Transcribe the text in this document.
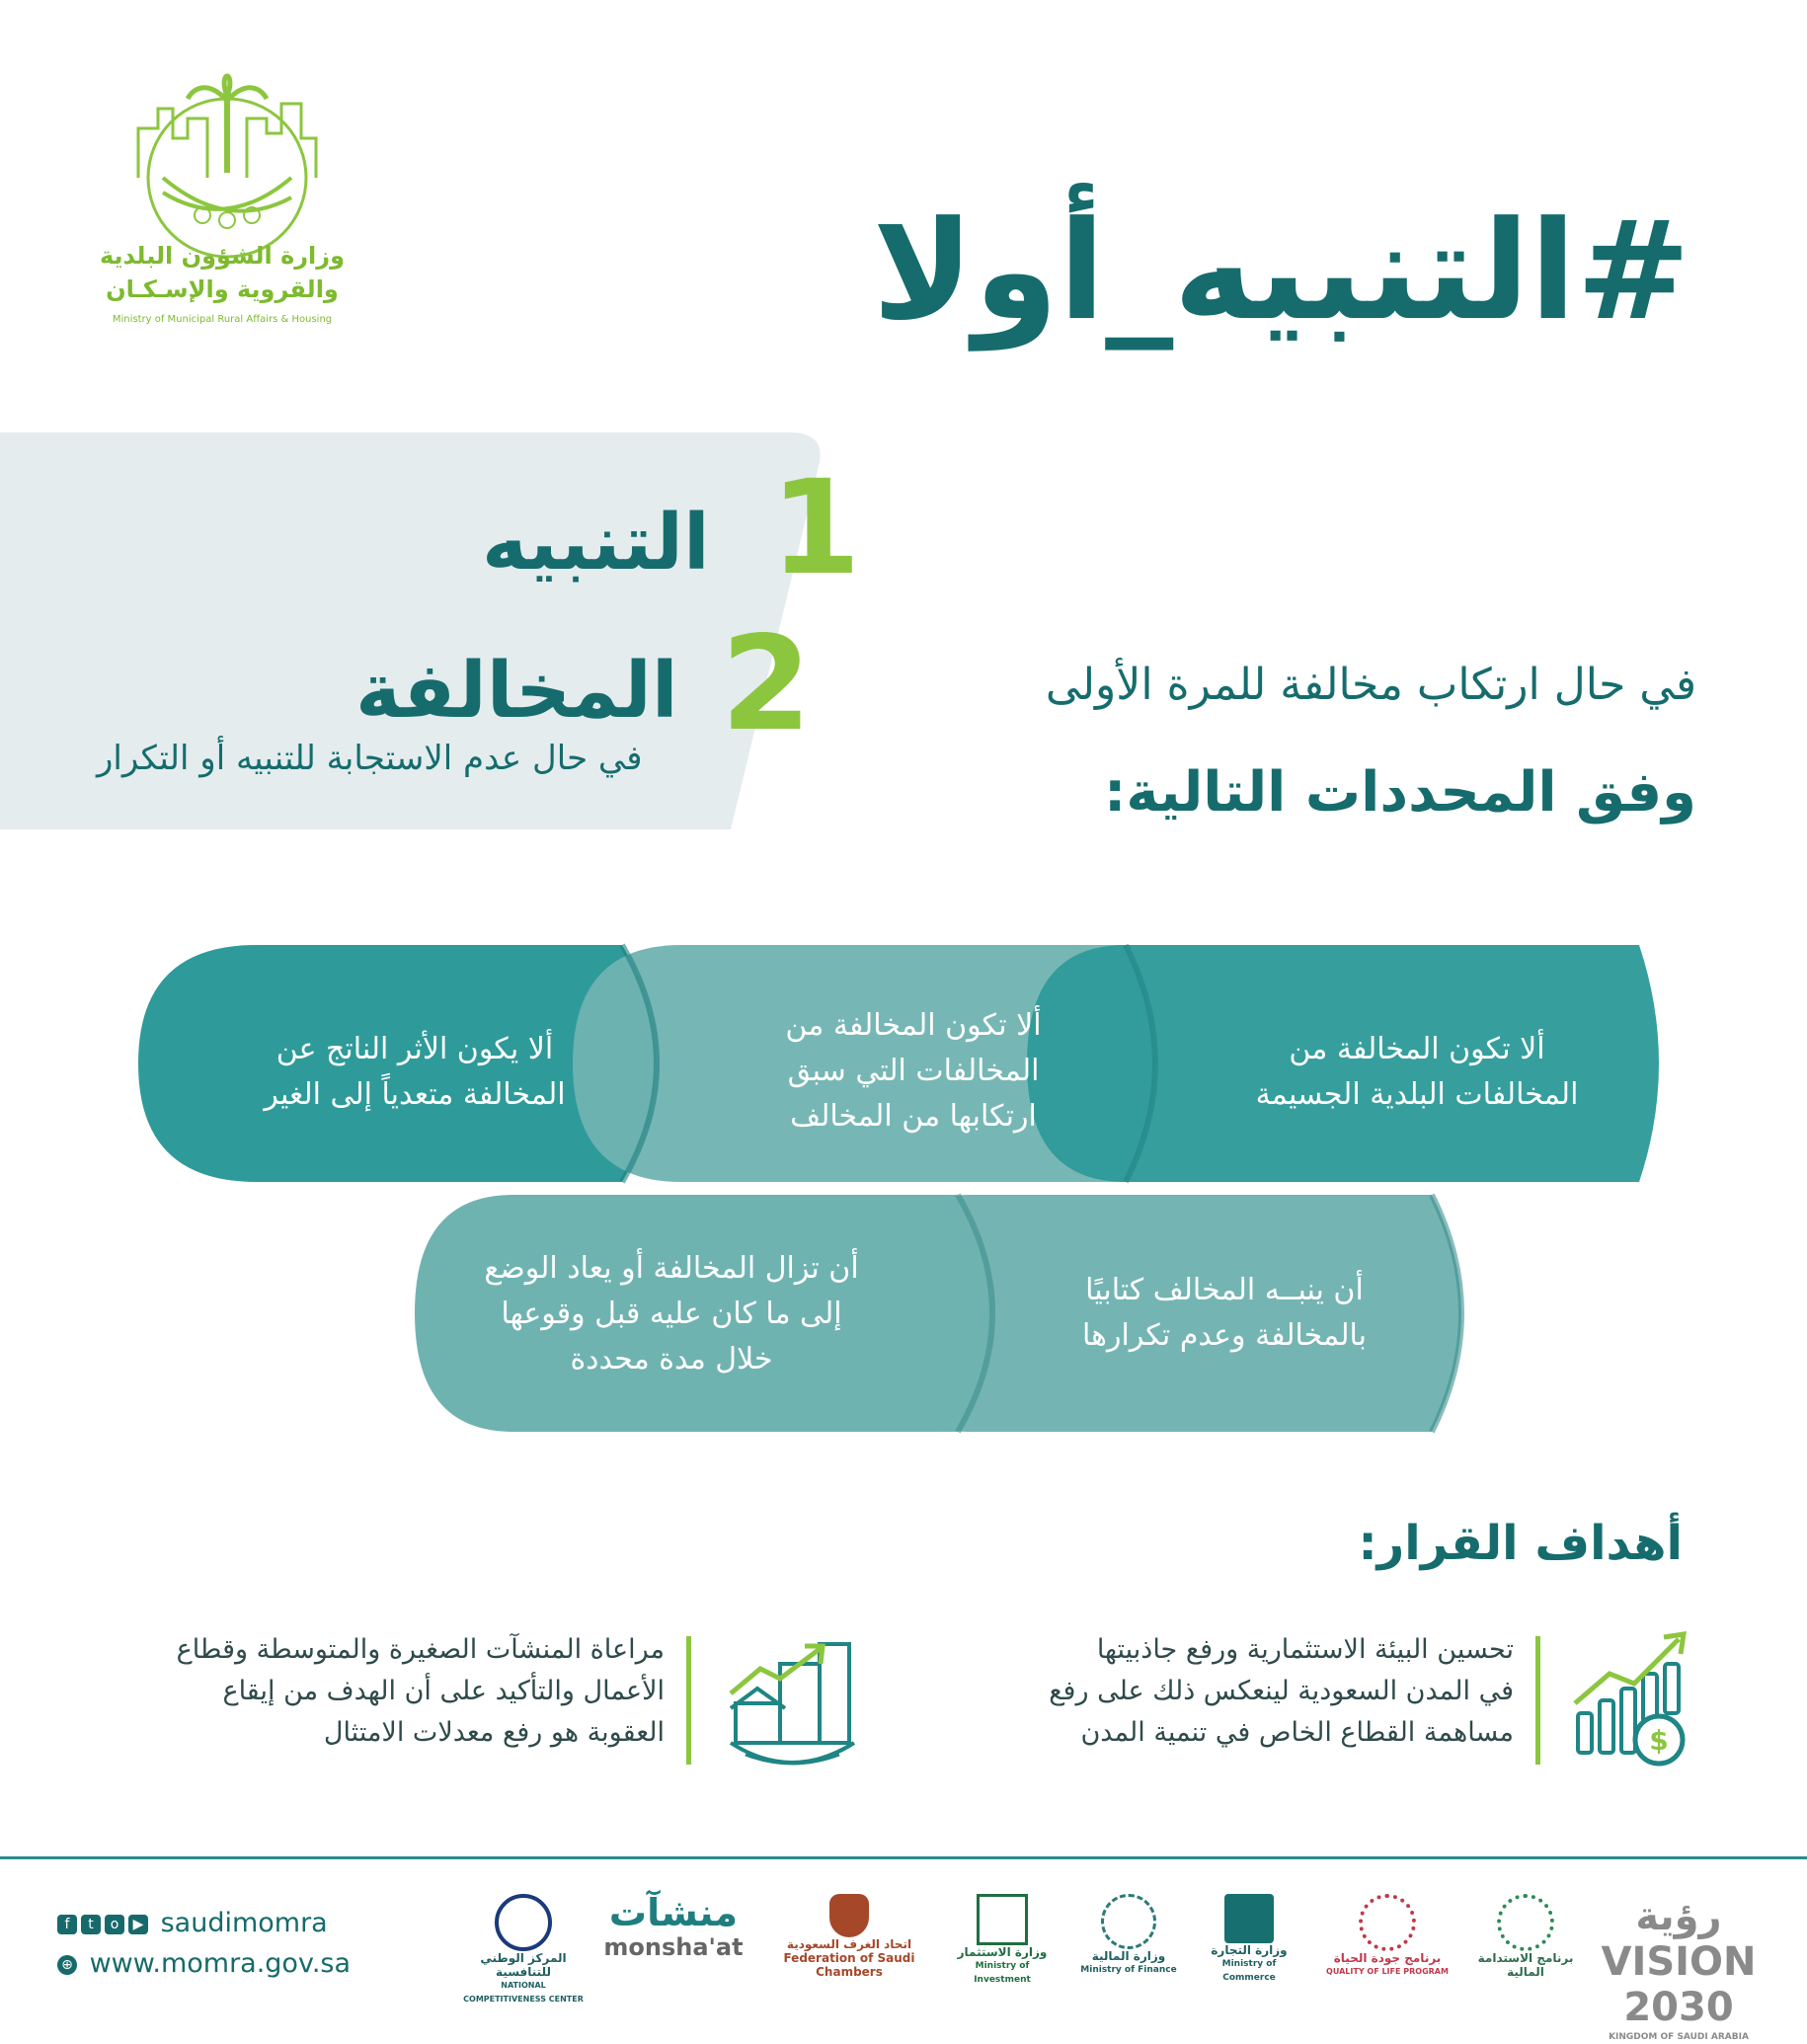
وزارة الشؤون البلدية
والقروية والإسـكـان
Ministry of Municipal Rural Affairs & Housing	#التنبيه_أولا
1
التنبيه
2
المخالفة
في حال عدم الاستجابة للتنبيه أو التكرار
في حال ارتكاب مخالفة للمرة الأولى
وفق المحددات التالية:
ألا تكون المخالفة من
المخالفات البلدية الجسيمة
ألا تكون المخالفة من
المخالفات التي سبق
ارتكابها من المخالف
ألا يكون الأثر الناتج عن
المخالفة متعدياً إلى الغير
أن ينبــه المخالف كتابيًا
بالمخالفة وعدم تكرارها
أن تزال المخالفة أو يعاد الوضع
إلى ما كان عليه قبل وقوعها
خلال مدة محددة
أهداف القرار:
$
تحسين البيئة الاستثمارية ورفع جاذبيتها
في المدن السعودية لينعكس ذلك على رفع
مساهمة القطاع الخاص في تنمية المدن
مراعاة المنشآت الصغيرة والمتوسطة وقطاع
الأعمال والتأكيد على أن الهدف من إيقاع
العقوبة هو رفع معدلات الامتثال
f t o ▶ saudimomra
⊕ www.momra.gov.sa	المركز الوطني للتنافسية
NATIONAL COMPETITIVENESS CENTER
منشآت
monsha'at	اتحاد الغرف السعودية
Federation of Saudi Chambers
وزارة الاستثمار
Ministry of Investment
وزارة المالية
Ministry of Finance
وزارة التجارة
Ministry of Commerce
برنامج جودة الحياة
QUALITY OF LIFE PROGRAM
برنامج الاستدامة المالية
رؤية VISION 2030
KINGDOM OF SAUDI ARABIA
